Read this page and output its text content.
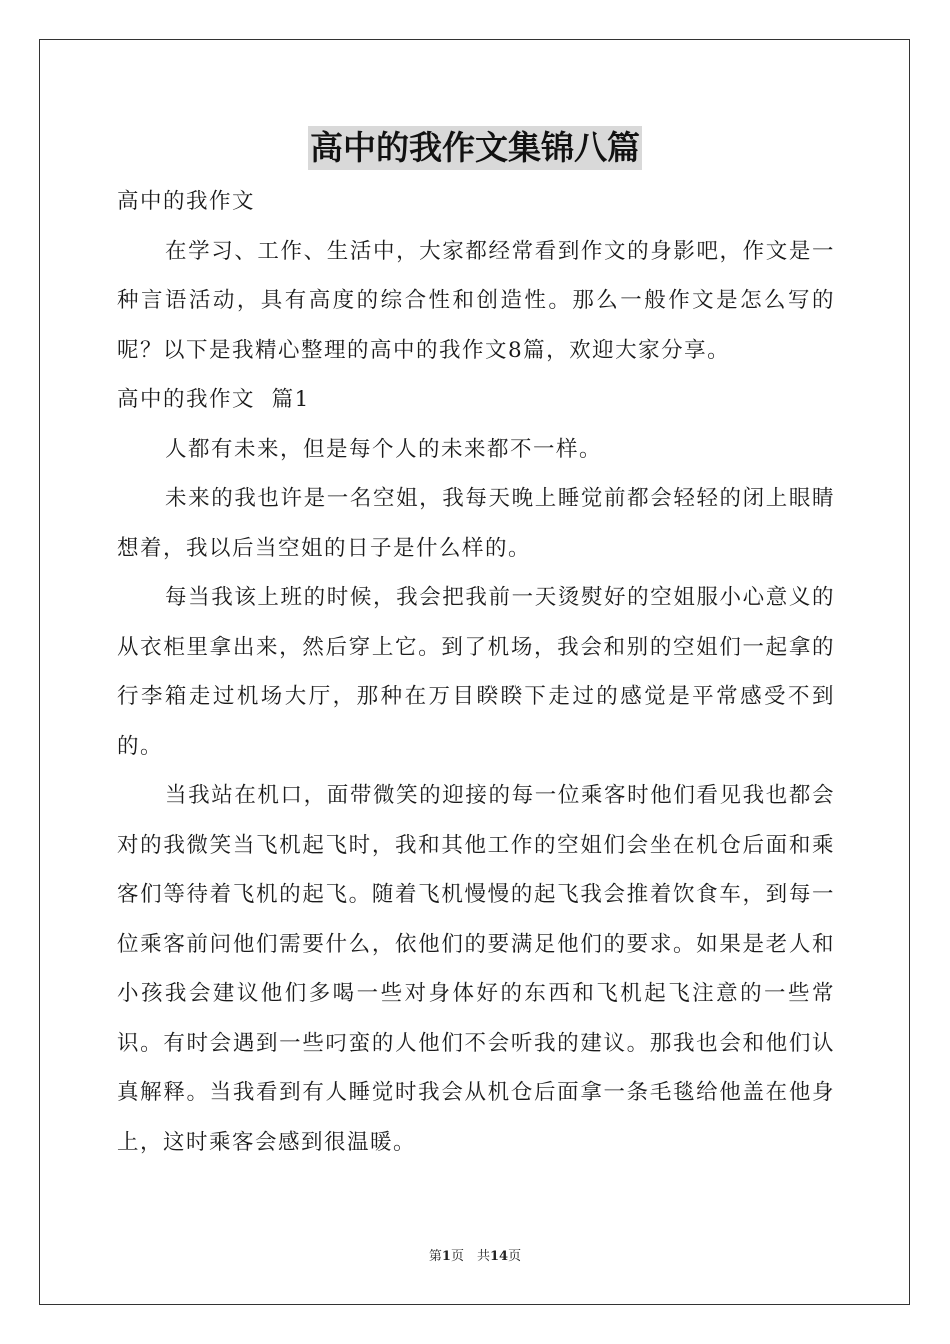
高中的我作文集锦八篇

高中的我作文

在学习、工作、生活中，大家都经常看到作文的身影吧，作文是一种言语活动，具有高度的综合性和创造性。那么一般作文是怎么写的呢？以下是我精心整理的高中的我作文8篇，欢迎大家分享。

高中的我作文  篇1

人都有未来，但是每个人的未来都不一样。

未来的我也许是一名空姐，我每天晚上睡觉前都会轻轻的闭上眼睛想着，我以后当空姐的日子是什么样的。

每当我该上班的时候，我会把我前一天烫熨好的空姐服小心意义的从衣柜里拿出来，然后穿上它。到了机场，我会和别的空姐们一起拿的行李箱走过机场大厅，那种在万目睽睽下走过的感觉是平常感受不到的。

当我站在机口，面带微笑的迎接的每一位乘客时他们看见我也都会对的我微笑当飞机起飞时，我和其他工作的空姐们会坐在机仓后面和乘客们等待着飞机的起飞。随着飞机慢慢的起飞我会推着饮食车，到每一位乘客前问他们需要什么，依他们的要满足他们的要求。如果是老人和小孩我会建议他们多喝一些对身体好的东西和飞机起飞注意的一些常识。有时会遇到一些叼蛮的人他们不会听我的建议。那我也会和他们认真解释。当我看到有人睡觉时我会从机仓后面拿一条毛毯给他盖在他身上，这时乘客会感到很温暖。

第1页　共14页
